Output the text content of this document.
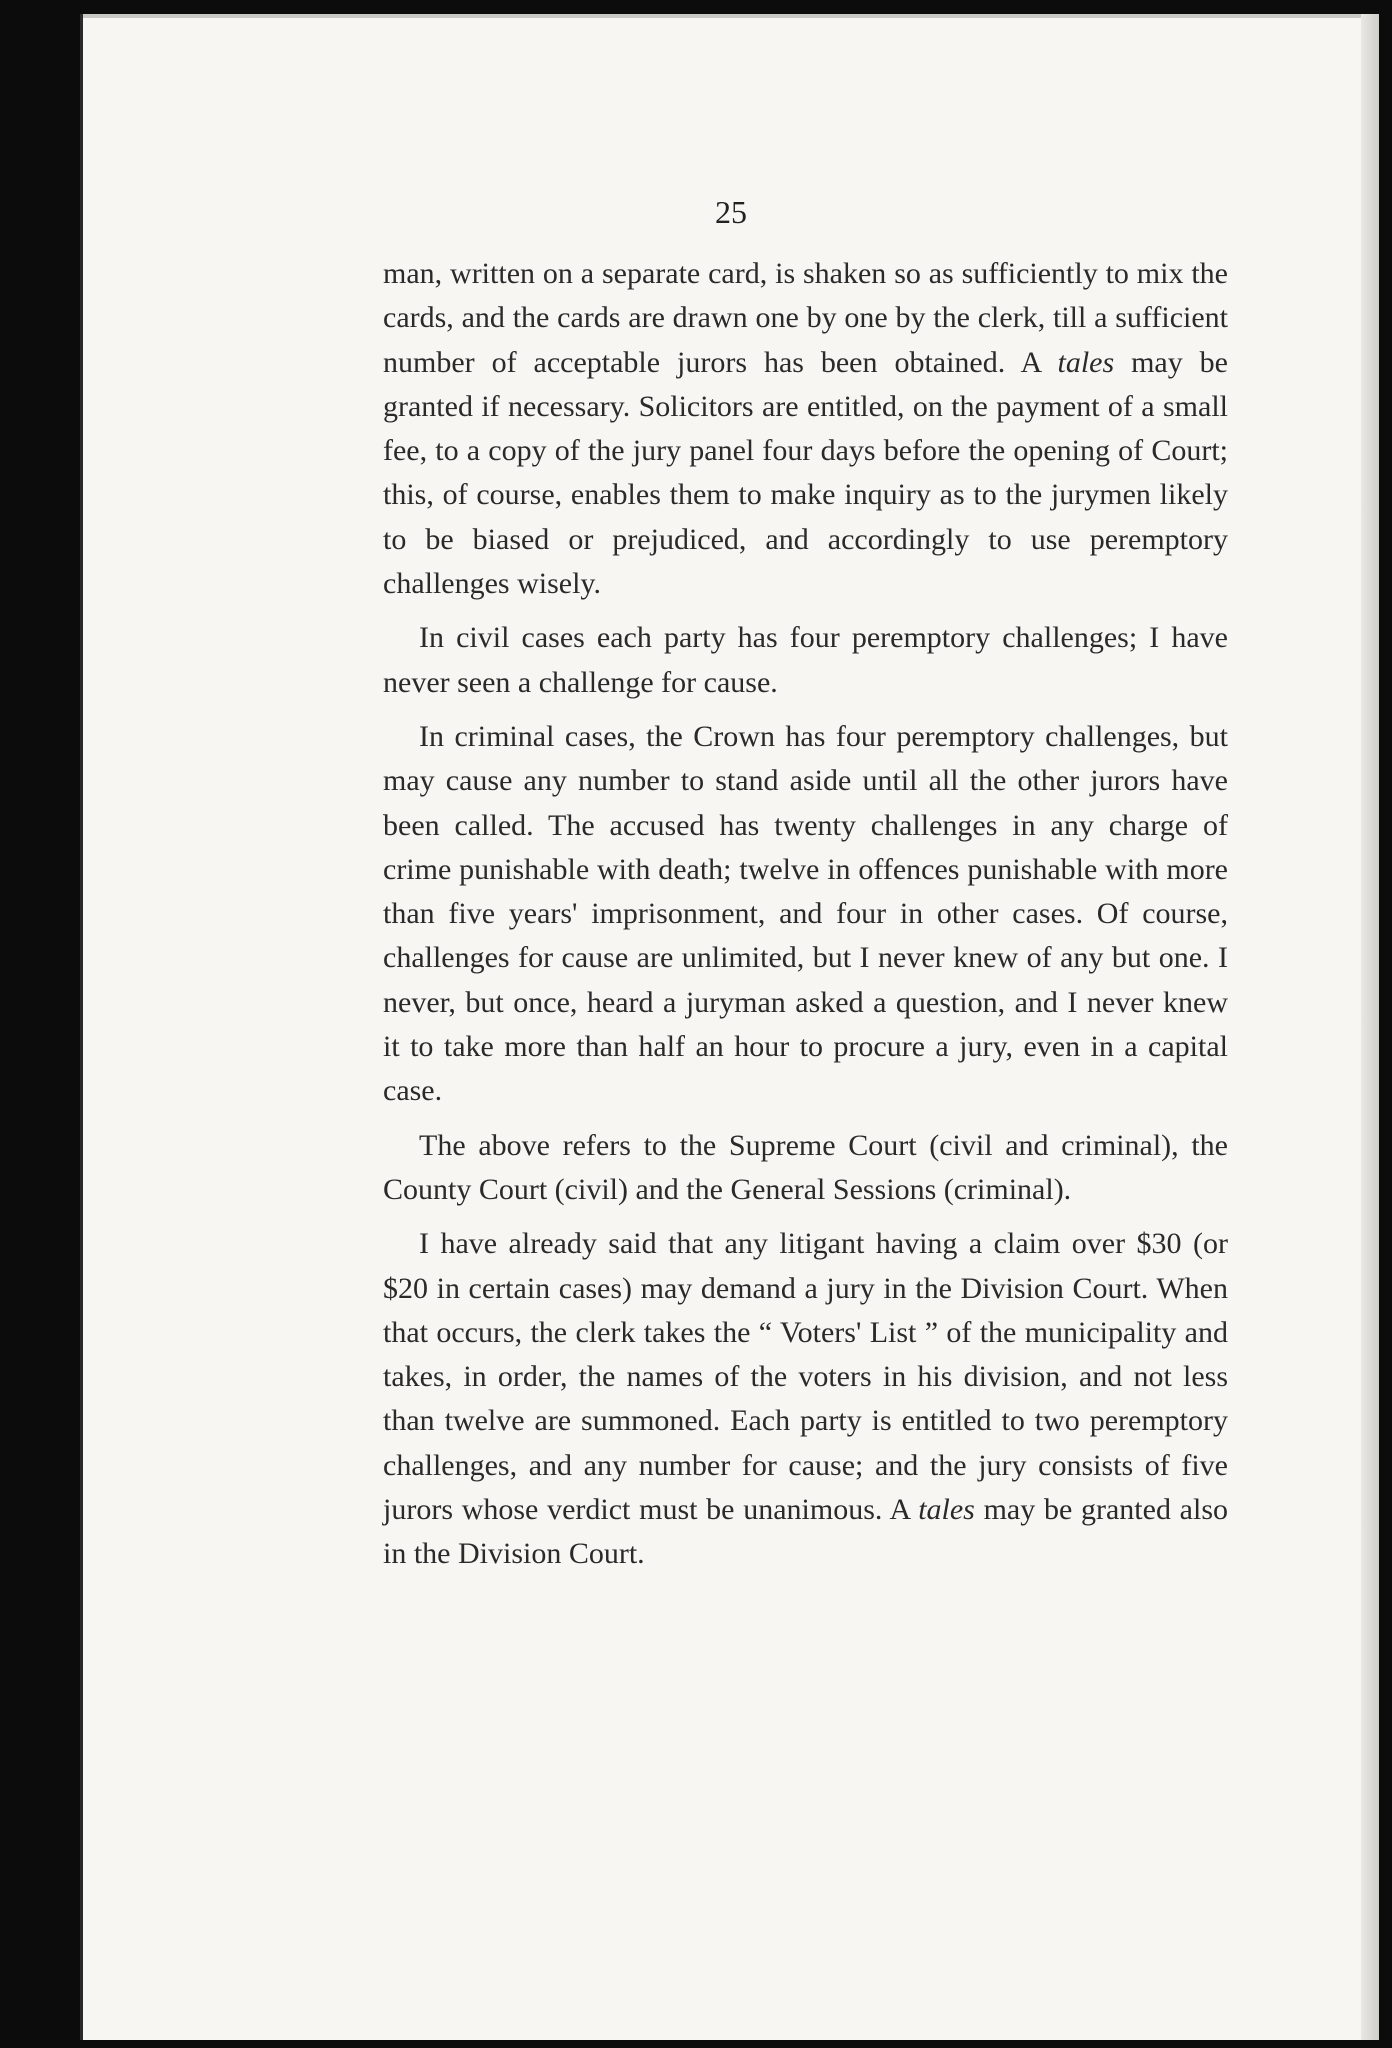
25

man, written on a separate card, is shaken so as sufficiently to mix the cards, and the cards are drawn one by one by the clerk, till a sufficient number of acceptable jurors has been obtained. A tales may be granted if necessary. Solicitors are entitled, on the payment of a small fee, to a copy of the jury panel four days before the opening of Court; this, of course, enables them to make inquiry as to the jurymen likely to be biased or prejudiced, and accordingly to use peremptory challenges wisely.

In civil cases each party has four peremptory challenges; I have never seen a challenge for cause.

In criminal cases, the Crown has four peremptory challenges, but may cause any number to stand aside until all the other jurors have been called. The accused has twenty challenges in any charge of crime punishable with death; twelve in offences punishable with more than five years' imprisonment, and four in other cases. Of course, challenges for cause are unlimited, but I never knew of any but one. I never, but once, heard a juryman asked a question, and I never knew it to take more than half an hour to procure a jury, even in a capital case.

The above refers to the Supreme Court (civil and criminal), the County Court (civil) and the General Sessions (criminal).

I have already said that any litigant having a claim over $30 (or $20 in certain cases) may demand a jury in the Division Court. When that occurs, the clerk takes the “ Voters' List ” of the municipality and takes, in order, the names of the voters in his division, and not less than twelve are summoned. Each party is entitled to two peremptory challenges, and any number for cause; and the jury consists of five jurors whose verdict must be unanimous. A tales may be granted also in the Division Court.
